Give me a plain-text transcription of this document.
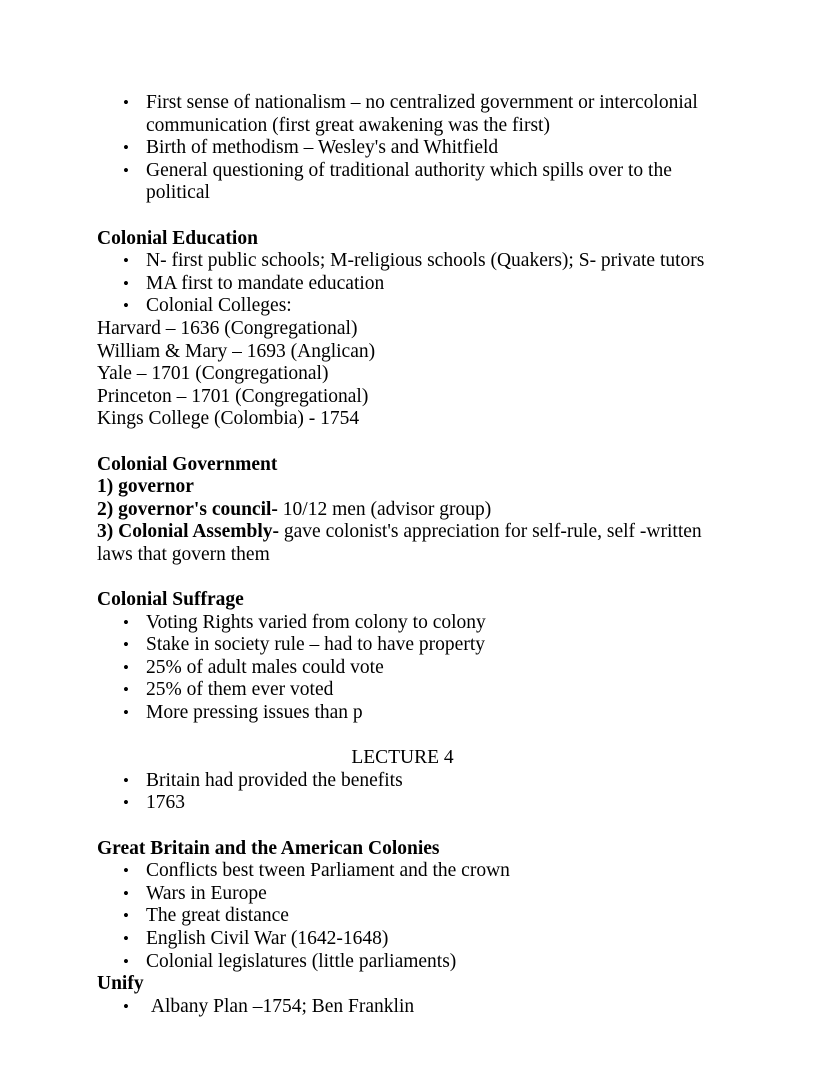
• First sense of nationalism – no centralized government or intercolonial communication (first great awakening was the first)
• Birth of methodism – Wesley's and Whitfield
• General questioning of traditional authority which spills over to the political
Colonial Education
• N- first public schools; M-religious schools (Quakers); S- private tutors
• MA first to mandate education
• Colonial Colleges:

Harvard – 1636 (Congregational)

William & Mary – 1693 (Anglican)

Yale – 1701 (Congregational)

Princeton – 1701 (Congregational)

Kings College (Colombia) - 1754

Colonial Government

1) governor

2) governor's council- 10/12 men (advisor group)

3) Colonial Assembly- gave colonist's appreciation for self-rule, self -written laws that govern them

Colonial Suffrage
• Voting Rights varied from colony to colony
• Stake in society rule – had to have property
• 25% of adult males could vote
• 25% of them ever voted
• More pressing issues than p

LECTURE 4

• Britain had provided the benefits
• 1763
Great Britain and the American Colonies
• Conflicts best tween Parliament and the crown
• Wars in Europe
• The great distance
• English Civil War (1642-1648)
• Colonial legislatures (little parliaments)
Unify
•  Albany Plan –1754; Ben Franklin
